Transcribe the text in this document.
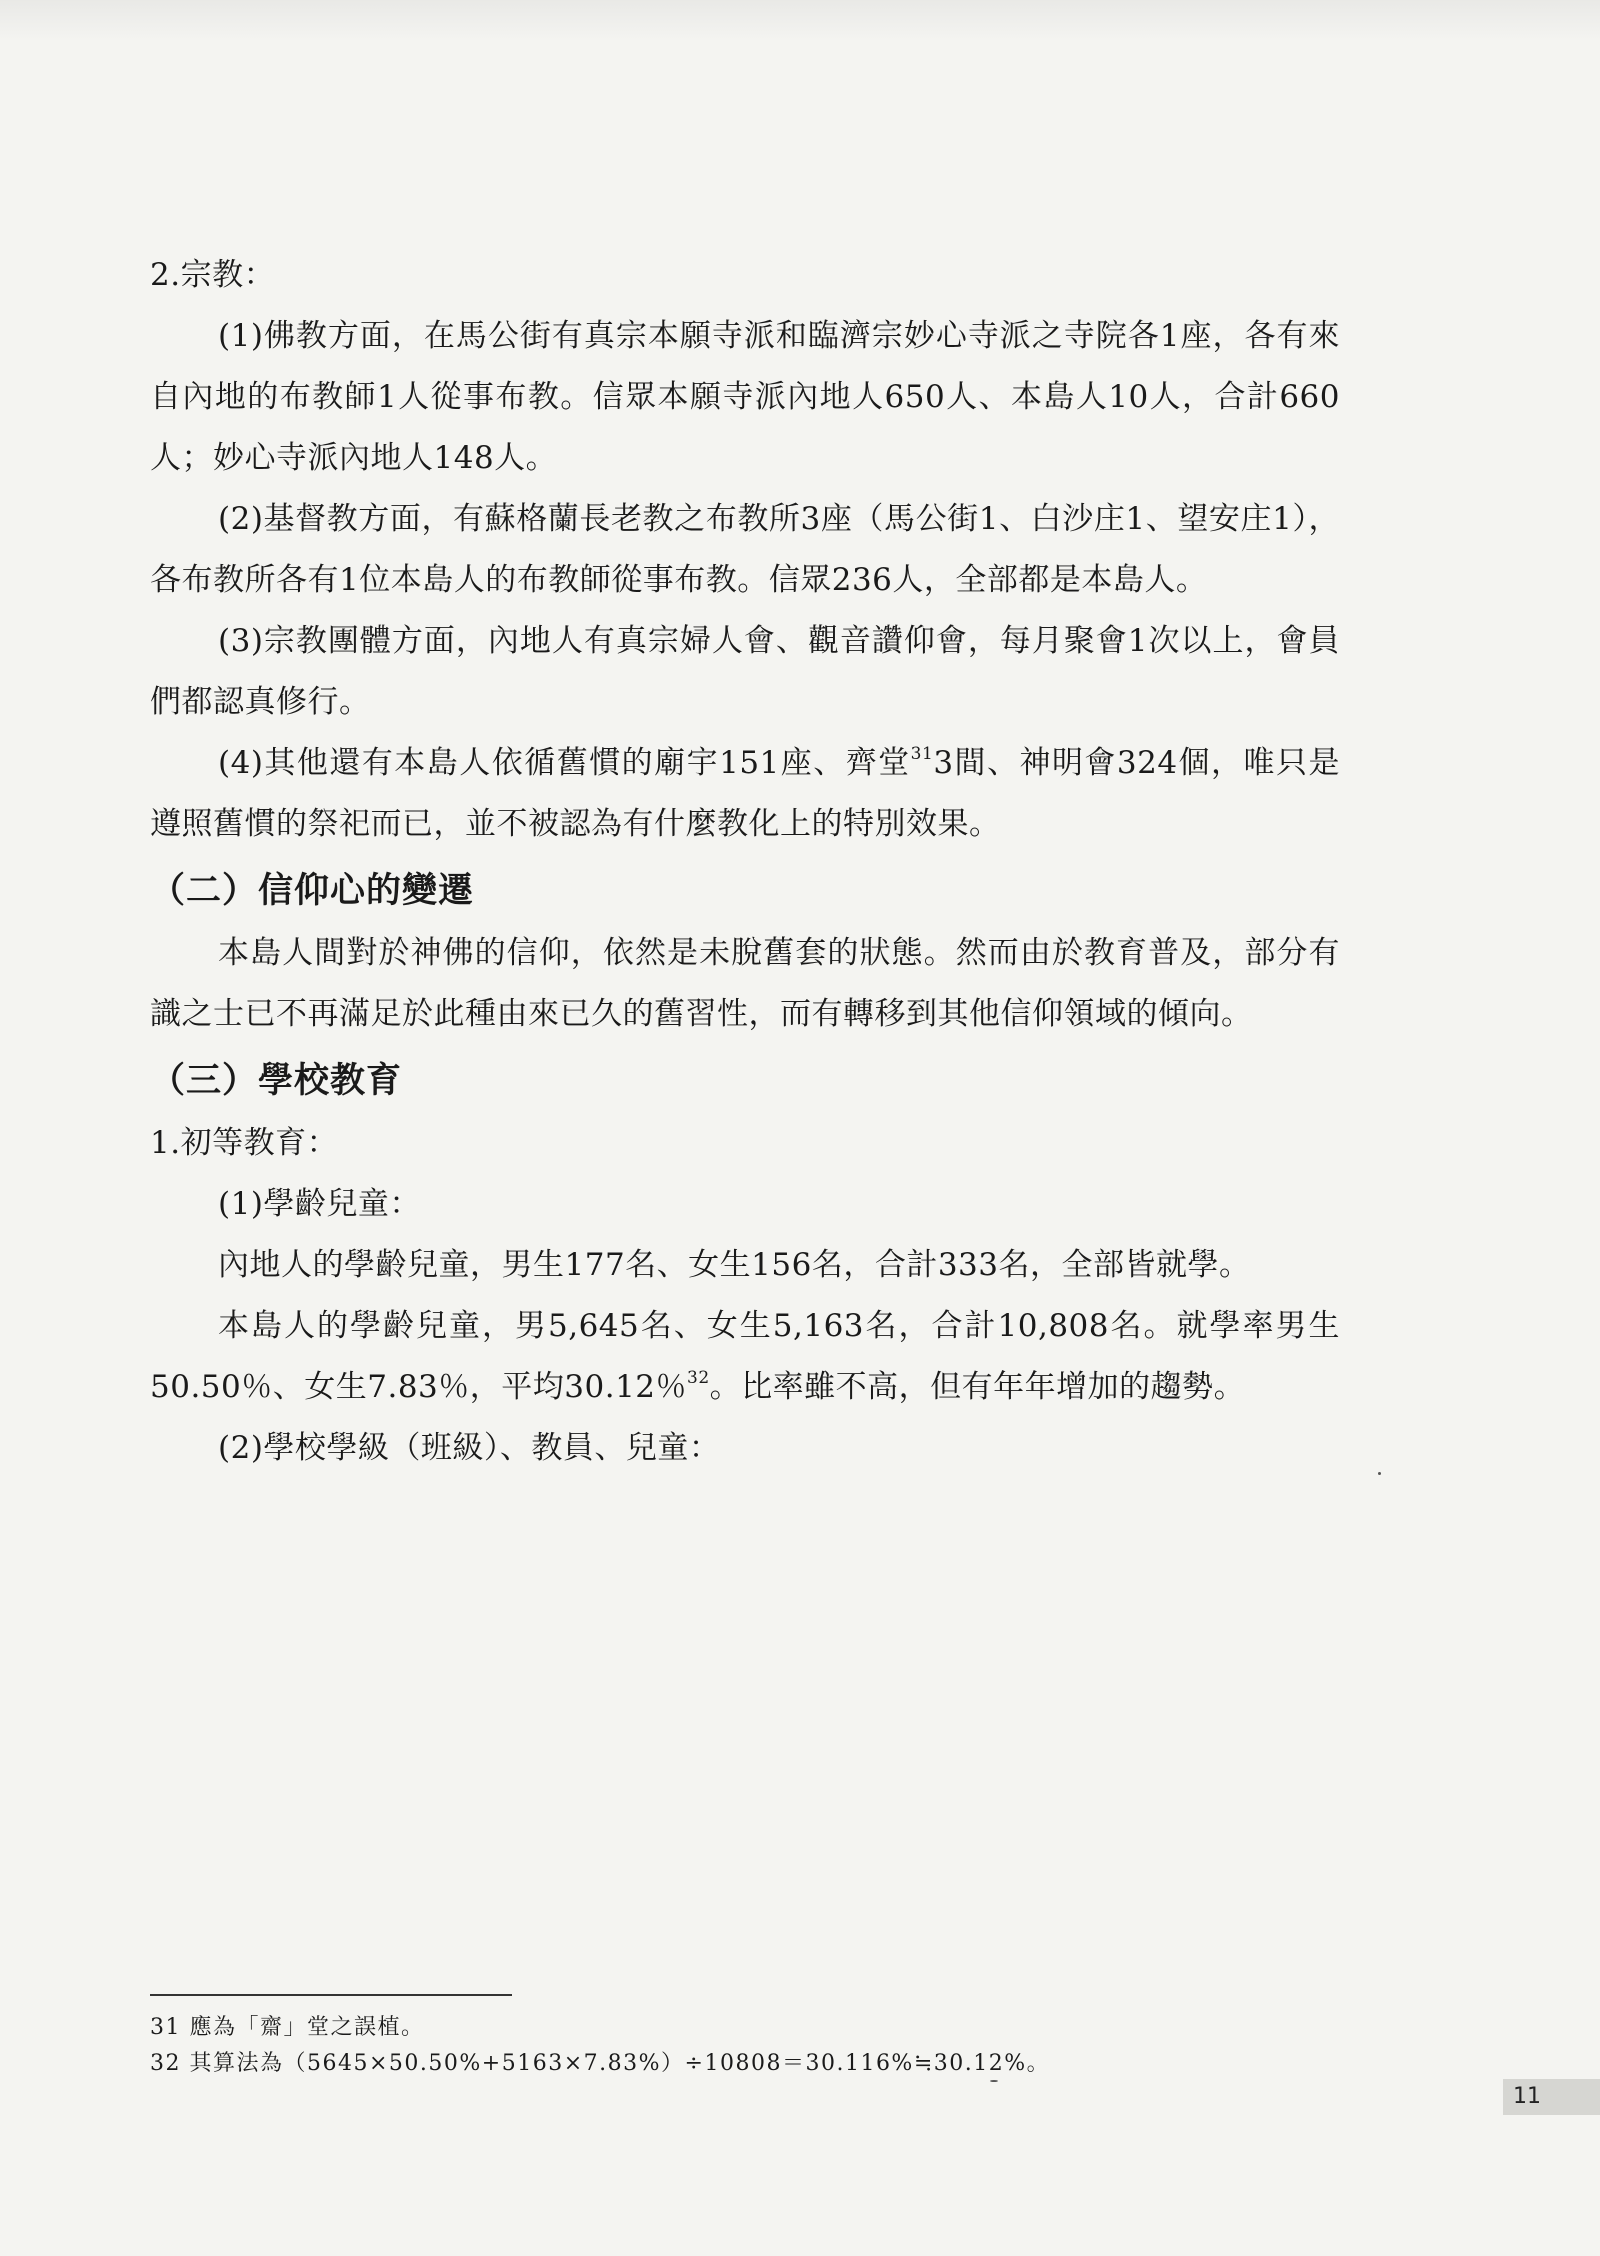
2.宗教：

(1)佛教方面，在馬公街有真宗本願寺派和臨濟宗妙心寺派之寺院各1座，各有來自內地的布教師1人從事布教。信眾本願寺派內地人650人、本島人10人，合計660人；妙心寺派內地人148人。

(2)基督教方面，有蘇格蘭長老教之布教所3座（馬公街1、白沙庄1、望安庄1），各布教所各有1位本島人的布教師從事布教。信眾236人，全部都是本島人。

(3)宗教團體方面，內地人有真宗婦人會、觀音讚仰會，每月聚會1次以上，會員們都認真修行。

(4)其他還有本島人依循舊慣的廟宇151座、齊堂$^{31}$3間、神明會324個，唯只是遵照舊慣的祭祀而已，並不被認為有什麼教化上的特別效果。

（二）信仰心的變遷

本島人間對於神佛的信仰，依然是未脫舊套的狀態。然而由於教育普及，部分有識之士已不再滿足於此種由來已久的舊習性，而有轉移到其他信仰領域的傾向。

（三）學校教育

1.初等教育：

(1)學齡兒童：

內地人的學齡兒童，男生177名、女生156名，合計333名，全部皆就學。

本島人的學齡兒童，男5,645名、女生5,163名，合計10,808名。就學率男生50.50％、女生7.83％，平均30.12％$^{32}$。比率雖不高，但有年年增加的趨勢。

(2)學校學級（班級）、教員、兒童：

31 應為「齋」堂之誤植。

32 其算法為（5645×50.50%+5163×7.83%）÷10808＝30.116%≒30.12%。

11
